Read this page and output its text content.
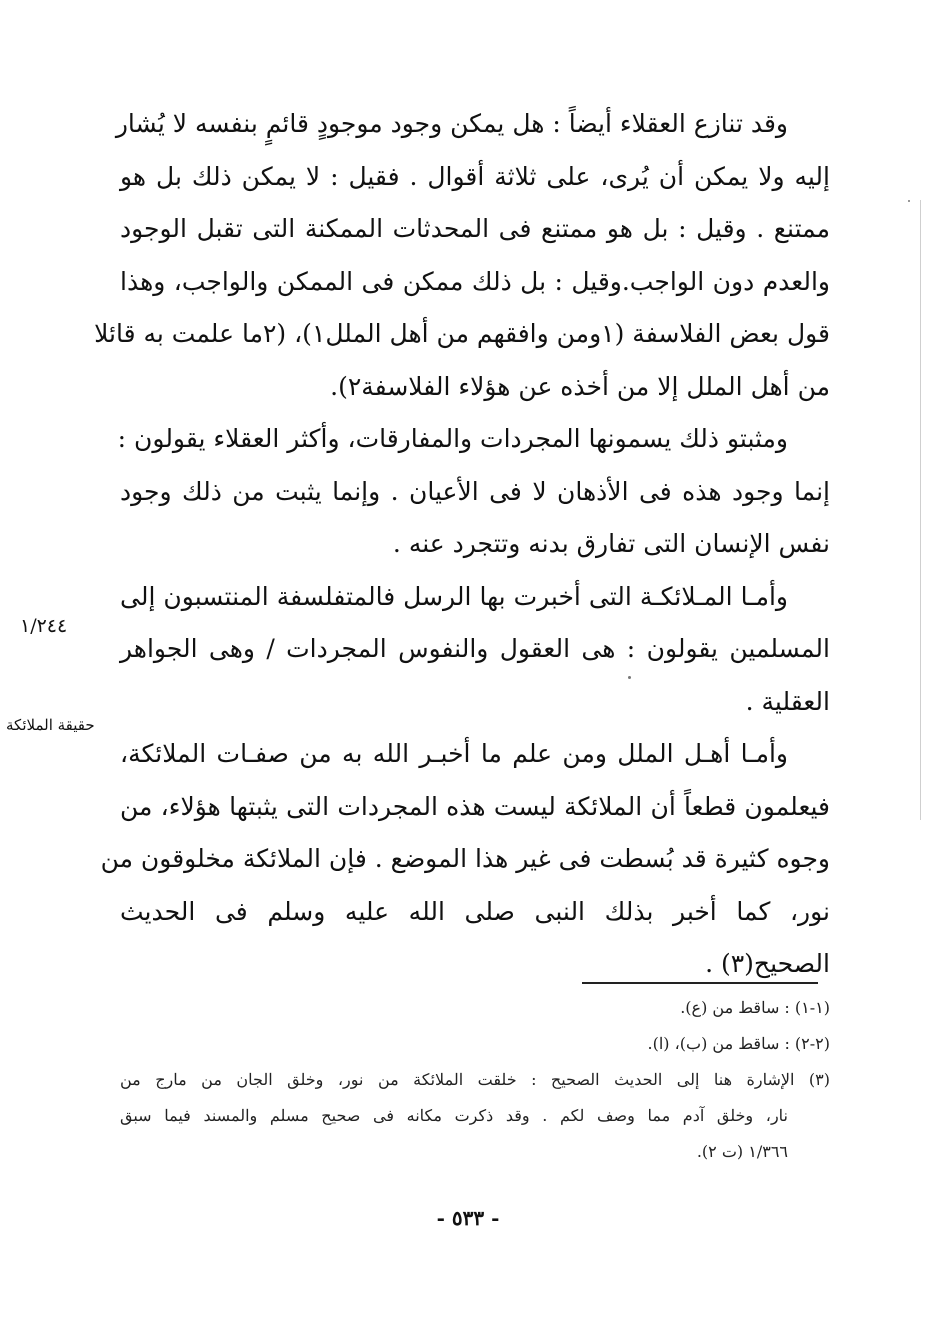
وقد تنازع العقلاء أيضاً : هل يمكن وجود موجودٍ قائمٍ بنفسه لا يُشار
إليه ولا يمكن أن يُرى، على ثلاثة أقوال . فقيل : لا يمكن ذلك بل هو
ممتنع . وقيل : بل هو ممتنع فى المحدثات الممكنة التى تقبل الوجود
والعدم دون الواجب.وقيل : بل ذلك ممكن فى الممكن والواجب، وهذا
قول بعض الفلاسفة (١ومن وافقهم من أهل الملل١)، (٢ما علمت به قائلا
من أهل الملل إلا من أخذه عن هؤلاء الفلاسفة٢).
ومثبتو ذلك يسمونها المجردات والمفارقات، وأكثر العقلاء يقولون :
إنما وجود هذه فى الأذهان لا فى الأعيان . وإنما يثبت من ذلك وجود
نفس الإنسان التى تفارق بدنه وتتجرد عنه .
وأمـا المـلائكـة التى أخبرت بها الرسل فالمتفلسفة المنتسبون إلى
المسلمين يقولون : هى العقول والنفوس المجردات / وهى الجواهر
العقلية .
وأمـا أهـل الملل ومن علم ما أخبـر الله به من صفـات الملائكة،
فيعلمون قطعاً أن الملائكة ليست هذه المجردات التى يثبتها هؤلاء، من
وجوه كثيرة قد بُسطت فى غير هذا الموضع . فإن الملائكة مخلوقون من
نور، كما أخبر بذلك النبى صلى الله عليه وسلم فى الحديث
الصحيح(٣) .
١/٢٤٤
حقيقة الملائكة
(١-١) : ساقط من (ع).
(٢-٢) : ساقط من (ب)، (ا).
(٣) الإشارة هنا إلى الحديث الصحيح : خلقت الملائكة من نور، وخلق الجان من مارج من
نار، وخلق آدم مما وصف لكم . وقد ذكرت مكانه فى صحيح مسلم والمسند فيما سبق
١/٣٦٦ (ت ٢).
- ٥٣٣ -
